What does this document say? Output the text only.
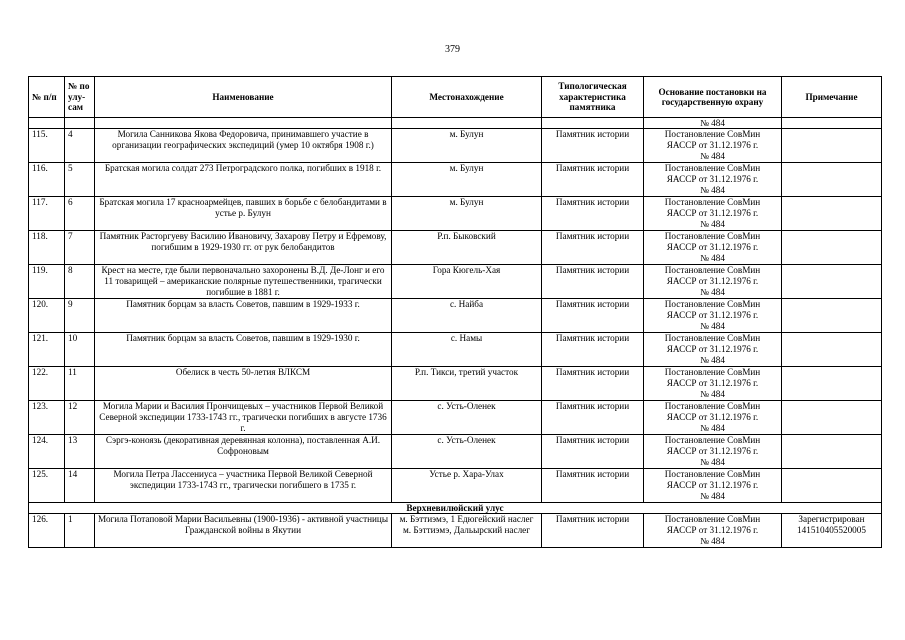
379
№ п/п	№ по улу-сам	Наименование	Местонахождение	Типологическая характеристика памятника	Основание постановки на государственную охрану	Примечание
					№ 484	
115.	4	Могила Санникова Якова Федоровича, принимавшего участие в организации географических экспедиций (умер 10 октября 1908 г.)	м. Булун	Памятник истории	Постановление СовМин
ЯАССР от 31.12.1976 г.
№ 484	

116.	5	Братская могила солдат 273 Петроградского полка, погибших в 1918 г.	м. Булун	Памятник истории	Постановление СовМин
ЯАССР от 31.12.1976 г.
№ 484	

117.	6	Братская могила 17 красноармейцев, павших в борьбе с белобандитами в устье р. Булун	м. Булун	Памятник истории	Постановление СовМин
ЯАССР от 31.12.1976 г.
№ 484	

118.	7	Памятник Расторгуеву Василию Ивановичу, Захарову Петру и Ефремову, погибшим в 1929-1930 гг. от рук белобандитов	Р.п. Быковский	Памятник истории	Постановление СовМин
ЯАССР от 31.12.1976 г.
№ 484	

119.	8	Крест на месте, где были первоначально захоронены В.Д. Де-Лонг и его 11 товарищей – американские полярные путешественники, трагически погибшие в 1881 г.	Гора Кюгель-Хая	Памятник истории	Постановление СовМин
ЯАССР от 31.12.1976 г.
№ 484	

120.	9	Памятник борцам за власть Советов, павшим в 1929-1933 г.	с. Найба	Памятник истории	Постановление СовМин
ЯАССР от 31.12.1976 г.
№ 484	

121.	10	Памятник борцам за власть Советов, павшим в 1929-1930 г.	с. Намы	Памятник истории	Постановление СовМин
ЯАССР от 31.12.1976 г.
№ 484	

122.	11	Обелиск в честь 50-летия ВЛКСМ	Р.п. Тикси, третий участок	Памятник истории	Постановление СовМин
ЯАССР от 31.12.1976 г.
№ 484	

123.	12	Могила Марии и Василия Прончищевых – участников Первой Великой Северной экспедиции 1733-1743 гг., трагически погибших в августе 1736 г.	с. Усть-Оленек	Памятник истории	Постановление СовМин
ЯАССР от 31.12.1976 г.
№ 484	

124.	13	Сэргэ-коноязь (декоративная деревянная колонна), поставленная А.И. Софроновым	с. Усть-Оленек	Памятник истории	Постановление СовМин
ЯАССР от 31.12.1976 г.
№ 484	

125.	14	Могила Петра Лассениуса – участника Первой Великой Северной экспедиции 1733-1743 гг., трагически погибшего в 1735 г.	Устье р. Хара-Улах	Памятник истории	Постановление СовМин
ЯАССР от 31.12.1976 г.
№ 484	

Верхневилюйский улус						
126.	1	Могила Потаповой Марии Васильевны (1900-1936) - активной участницы Гражданской войны в Якутии	м. Бэттиэмэ, 1 Едюгейский наслег м. Бэттиэмэ, Дальырский наслег	Памятник истории	Постановление СовМин
ЯАССР от 31.12.1976 г.
№ 484	Зарегистрирован 141510405520005
